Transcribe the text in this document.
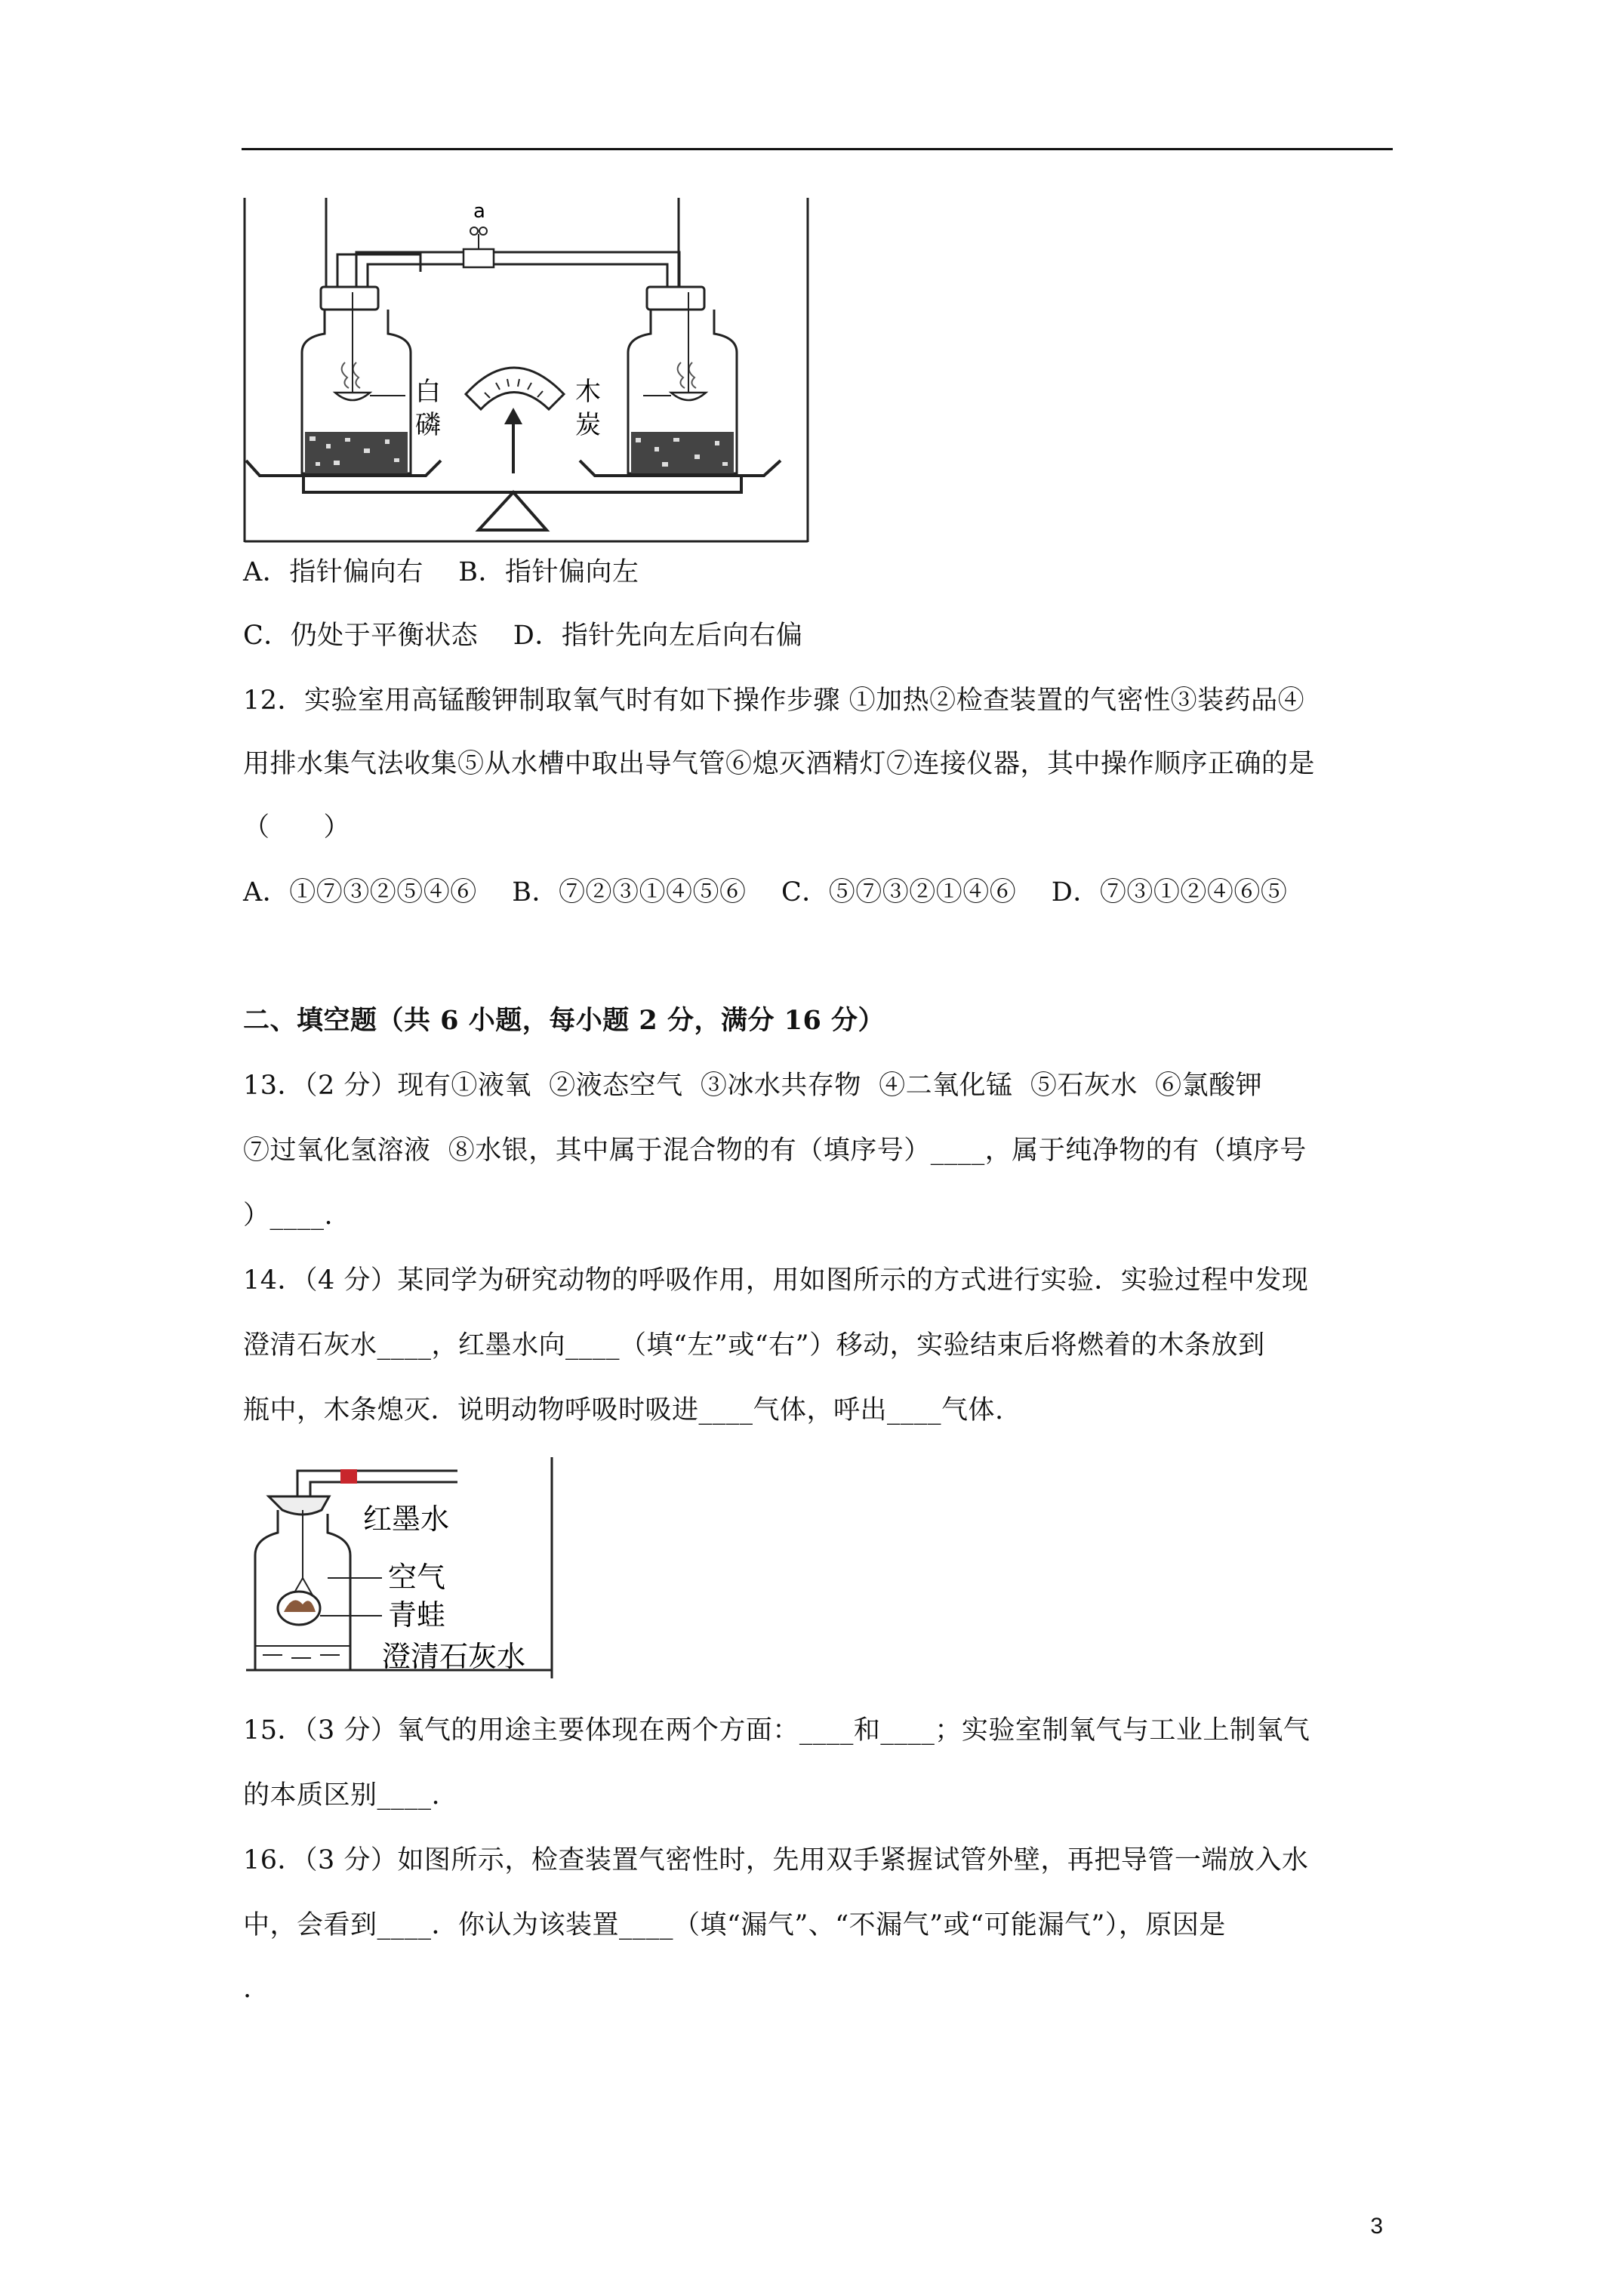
a
白
磷
木
炭
A．指针偏向右    B．指针偏向左
C．仍处于平衡状态    D．指针先向左后向右偏
12．实验室用高锰酸钾制取氧气时有如下操作步骤 ①加热②检查装置的气密性③装药品④
用排水集气法收集⑤从水槽中取出导气管⑥熄灭酒精灯⑦连接仪器，其中操作顺序正确的是
（　　）
A．①⑦③②⑤④⑥    B．⑦②③①④⑤⑥    C．⑤⑦③②①④⑥    D．⑦③①②④⑥⑤
二、填空题（共 6 小题，每小题 2 分，满分 16 分）
13．（2 分）现有①液氧  ②液态空气  ③冰水共存物  ④二氧化锰  ⑤石灰水  ⑥氯酸钾
⑦过氧化氢溶液  ⑧水银，其中属于混合物的有（填序号）____，属于纯净物的有（填序号
）____.
14．（4 分）某同学为研究动物的呼吸作用，用如图所示的方式进行实验．实验过程中发现
澄清石灰水____，红墨水向____（填“左”或“右”）移动，实验结束后将燃着的木条放到
瓶中，木条熄灭．说明动物呼吸时吸进____气体，呼出____气体.
红墨水
空气
青蛙
澄清石灰水
15．（3 分）氧气的用途主要体现在两个方面：____和____；实验室制氧气与工业上制氧气
的本质区别____.
16．（3 分）如图所示，检查装置气密性时，先用双手紧握试管外壁，再把导管一端放入水
中，会看到____．你认为该装置____（填“漏气”、“不漏气”或“可能漏气”），原因是
.
3
